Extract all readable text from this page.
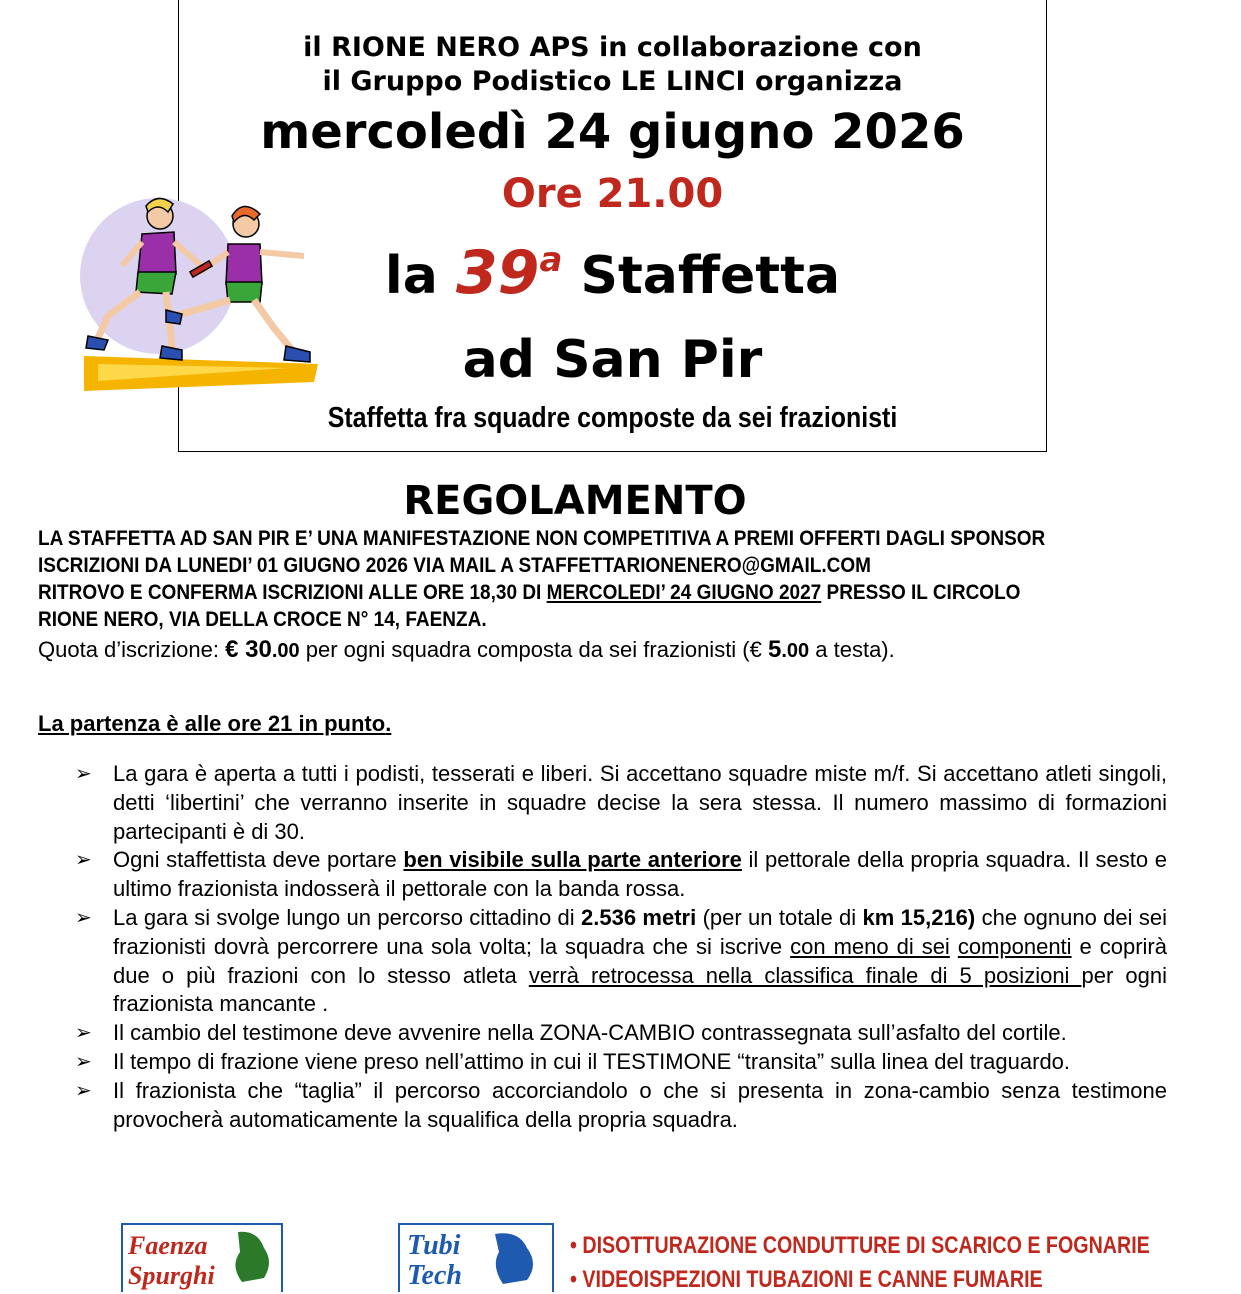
il RIONE NERO APS in collaborazione con
il Gruppo Podistico LE LINCI organizza
mercoledì 24 giugno 2026
Ore 21.00
la 39$^a$ Staffetta
ad San Pir
Staffetta fra squadre composte da sei frazionisti
REGOLAMENTO
LA STAFFETTA AD SAN PIR E’ UNA MANIFESTAZIONE NON COMPETITIVA A PREMI OFFERTI DAGLI SPONSOR
ISCRIZIONI DA LUNEDI’ 01 GIUGNO 2026 VIA MAIL A STAFFETTARIONENERO@GMAIL.COM
RITROVO E CONFERMA ISCRIZIONI ALLE ORE 18,30 DI MERCOLEDI’ 24 GIUGNO 2027 PRESSO IL CIRCOLO
RIONE NERO, VIA DELLA CROCE N° 14, FAENZA.
Quota d’iscrizione: € 30.00 per ogni squadra composta da sei frazionisti (€ 5.00 a testa).
La partenza è alle ore 21 in punto.
➢ La gara è aperta a tutti i podisti, tesserati e liberi. Si accettano squadre miste m/f. Si accettano atleti singoli, detti ‘libertini’ che verranno inserite in squadre decise la sera stessa. Il numero massimo di formazioni partecipanti è di 30.
➢ Ogni staffettista deve portare ben visibile sulla parte anteriore il pettorale della propria squadra. Il sesto e ultimo frazionista indosserà il pettorale con la banda rossa.
➢ La gara si svolge lungo un percorso cittadino di 2.536 metri (per un totale di km 15,216) che ognuno dei sei frazionisti dovrà percorrere una sola volta; la squadra che si iscrive con meno di sei componenti e coprirà due o più frazioni con lo stesso atleta verrà retrocessa nella classifica finale di 5 posizioni per ogni frazionista mancante .
➢ Il cambio del testimone deve avvenire nella ZONA-CAMBIO contrassegnata sull’asfalto del cortile.
➢ Il tempo di frazione viene preso nell’attimo in cui il TESTIMONE “transita” sulla linea del traguardo.
➢ Il frazionista che “taglia” il percorso accorciandolo o che si presenta in zona-cambio senza testimone provocherà automaticamente la squalifica della propria squadra.
Faenza
Spurghi
Tubi
Tech
• DISOTTURAZIONE CONDUTTURE DI SCARICO E FOGNARIE
• VIDEOISPEZIONI TUBAZIONI E CANNE FUMARIE
